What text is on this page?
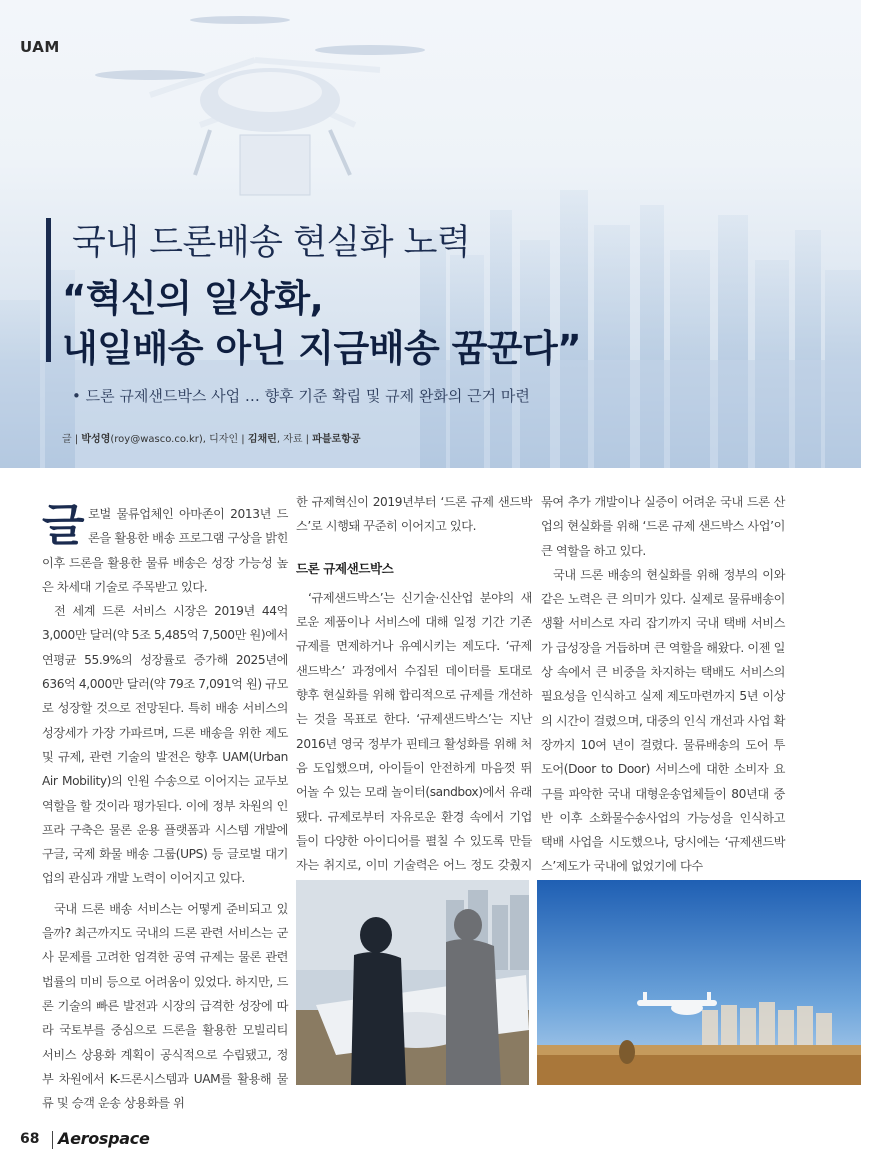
UAM
국내 드론배송 현실화 노력
“혁신의 일상화,
내일배송 아닌 지금배송 꿈꾼다”
• 드론 규제샌드박스 사업 … 향후 기준 확립 및 규제 완화의 근거 마련
글 | 박성영(roy@wasco.co.kr), 디자인 | 김채린, 자료 | 파블로항공

글로벌 물류업체인 아마존이 2013년 드론을 활용한 배송 프로그램 구상을 밝힌 이후 드론을 활용한 물류 배송은 성장 가능성 높은 차세대 기술로 주목받고 있다.

전 세계 드론 서비스 시장은 2019년 44억 3,000만 달러(약 5조 5,485억 7,500만 원)에서 연평균 55.9%의 성장률로 증가해 2025년에 636억 4,000만 달러(약 79조 7,091억 원) 규모로 성장할 것으로 전망된다. 특히 배송 서비스의 성장세가 가장 가파르며, 드론 배송을 위한 제도 및 규제, 관련 기술의 발전은 향후 UAM(Urban Air Mobility)의 인원 수송으로 이어지는 교두보 역할을 할 것이라 평가된다. 이에 정부 차원의 인프라 구축은 물론 운용 플랫폼과 시스템 개발에 구글, 국제 화물 배송 그룹(UPS) 등 글로벌 대기업의 관심과 개발 노력이 이어지고 있다.

국내 드론 배송 서비스는 어떻게 준비되고 있을까? 최근까지도 국내의 드론 관련 서비스는 군사 문제를 고려한 엄격한 공역 규제는 물론 관련 법률의 미비 등으로 어려움이 있었다. 하지만, 드론 기술의 빠른 발전과 시장의 급격한 성장에 따라 국토부를 중심으로 드론을 활용한 모빌리티 서비스 상용화 계획이 공식적으로 수립됐고, 정부 차원에서 K-드론시스템과 UAM를 활용해 물류 및 승객 운송 상용화를 위

한 규제혁신이 2019년부터 ‘드론 규제 샌드박스’로 시행돼 꾸준히 이어지고 있다.

드론 규제샌드박스

‘규제샌드박스’는 신기술·신산업 분야의 새로운 제품이나 서비스에 대해 일정 기간 기존 규제를 면제하거나 유예시키는 제도다. ‘규제샌드박스’ 과정에서 수집된 데이터를 토대로 향후 현실화를 위해 합리적으로 규제를 개선하는 것을 목표로 한다. ‘규제샌드박스’는 지난 2016년 영국 정부가 핀테크 활성화를 위해 처음 도입했으며, 아이들이 안전하게 마음껏 뛰어놀 수 있는 모래 놀이터(sandbox)에서 유래됐다. 규제로부터 자유로운 환경 속에서 기업들이 다양한 아이디어를 펼칠 수 있도록 만들자는 취지로, 이미 기술력은 어느 정도 갖췄지

묶여 추가 개발이나 실증이 어려운 국내 드론 산업의 현실화를 위해 ‘드론 규제 샌드박스 사업’이 큰 역할을 하고 있다.

국내 드론 배송의 현실화를 위해 정부의 이와 같은 노력은 큰 의미가 있다. 실제로 물류배송이 생활 서비스로 자리 잡기까지 국내 택배 서비스가 급성장을 거듭하며 큰 역할을 해왔다. 이젠 일상 속에서 큰 비중을 차지하는 택배도 서비스의 필요성을 인식하고 실제 제도마련까지 5년 이상의 시간이 걸렸으며, 대중의 인식 개선과 사업 확장까지 10여 년이 걸렸다. 물류배송의 도어 투 도어(Door to Door) 서비스에 대한 소비자 요구를 파악한 국내 대형운송업체들이 80년대 중반 이후 소화물수송사업의 가능성을 인식하고 택배 사업을 시도했으나, 당시에는 ‘규제샌드박스’제도가 국내에 없었기에 다수

68 Aerospace
